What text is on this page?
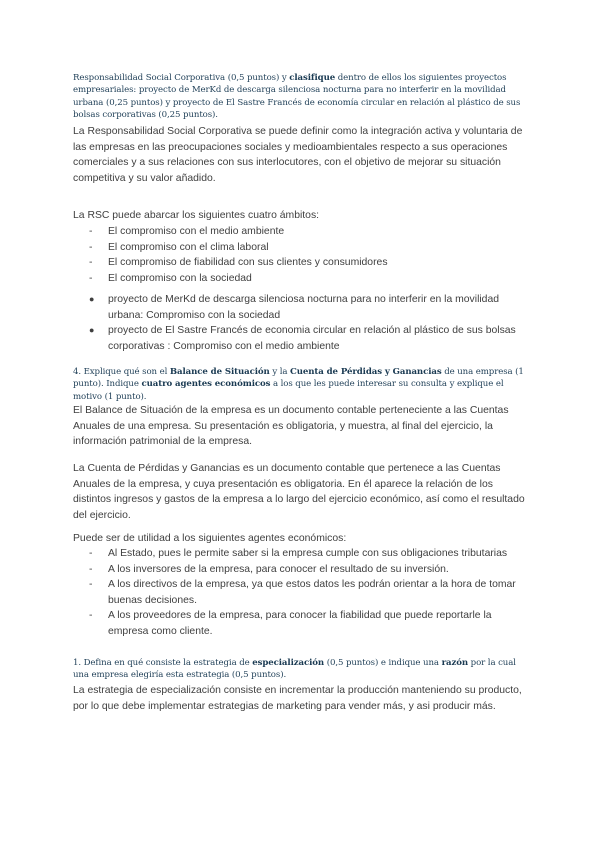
Responsabilidad Social Corporativa (0,5 puntos) y clasifique dentro de ellos los siguientes proyectos empresariales: proyecto de MerKd de descarga silenciosa nocturna para no interferir en la movilidad urbana (0,25 puntos) y proyecto de El Sastre Francés de economía circular en relación al plástico de sus bolsas corporativas (0,25 puntos).
La Responsabilidad Social Corporativa se puede definir como la integración activa y voluntaria de las empresas en las preocupaciones sociales y medioambientales respecto a sus operaciones comerciales y a sus relaciones con sus interlocutores, con el objetivo de mejorar su situación competitiva y su valor añadido.
La RSC puede abarcar los siguientes cuatro ámbitos:
- El compromiso con el medio ambiente
- El compromiso con el clima laboral
- El compromiso de fiabilidad con sus clientes y consumidores
- El compromiso con la sociedad
● proyecto de MerKd de descarga silenciosa nocturna para no interferir en la movilidad urbana: Compromiso con la sociedad
● proyecto de El Sastre Francés de economia circular en relación al plástico de sus bolsas corporativas : Compromiso con el medio ambiente
4. Explique qué son el Balance de Situación y la Cuenta de Pérdidas y Ganancias de una empresa (1 punto). Indique cuatro agentes económicos a los que les puede interesar su consulta y explique el motivo (1 punto).
El Balance de Situación de la empresa es un documento contable perteneciente a las Cuentas Anuales de una empresa. Su presentación es obligatoria, y muestra, al final del ejercicio, la información patrimonial de la empresa.
La Cuenta de Pérdidas y Ganancias es un documento contable que pertenece a las Cuentas Anuales de la empresa, y cuya presentación es obligatoria. En él aparece la relación de los distintos ingresos y gastos de la empresa a lo largo del ejercicio económico, así como el resultado del ejercicio.
Puede ser de utilidad a los siguientes agentes económicos:
- Al Estado, pues le permite saber si la empresa cumple con sus obligaciones tributarias
- A los inversores de la empresa, para conocer el resultado de su inversión.
- A los directivos de la empresa, ya que estos datos les podrán orientar a la hora de tomar buenas decisiones.
- A los proveedores de la empresa, para conocer la fiabilidad que puede reportarle la empresa como cliente.
1. Defina en qué consiste la estrategia de especialización (0,5 puntos) e indique una razón por la cual una empresa elegiría esta estrategia (0,5 puntos).
La estrategia de especialización consiste en incrementar la producción manteniendo su producto, por lo que debe implementar estrategias de marketing para vender más, y asi producir más.
